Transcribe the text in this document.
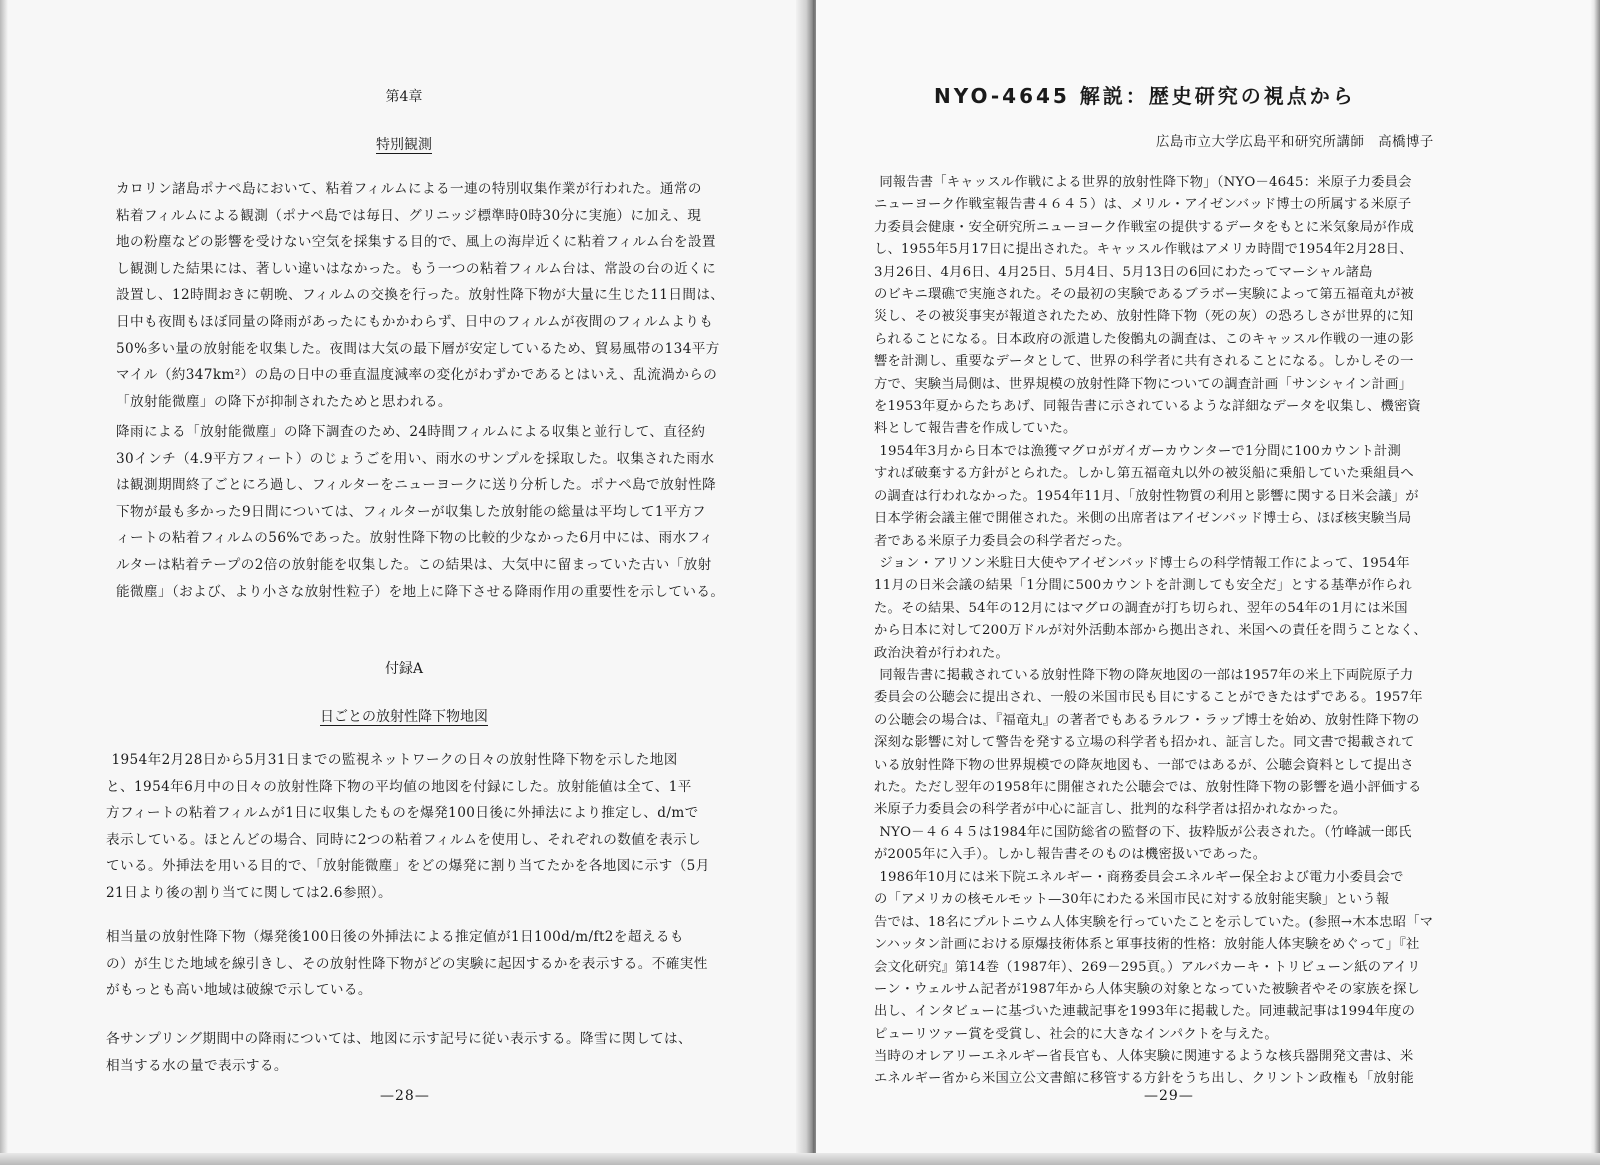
第4章
特別観測
カロリン諸島ポナペ島において、粘着フィルムによる一連の特別収集作業が行われた。通常の
粘着フィルムによる観測（ポナペ島では毎日、グリニッジ標準時0時30分に実施）に加え、現
地の粉塵などの影響を受けない空気を採集する目的で、風上の海岸近くに粘着フィルム台を設置
し観測した結果には、著しい違いはなかった。もう一つの粘着フィルム台は、常設の台の近くに
設置し、12時間おきに朝晩、フィルムの交換を行った。放射性降下物が大量に生じた11日間は、
日中も夜間もほぼ同量の降雨があったにもかかわらず、日中のフィルムが夜間のフィルムよりも
50%多い量の放射能を収集した。夜間は大気の最下層が安定しているため、貿易風帯の134平方
マイル（約347km²）の島の日中の垂直温度減率の変化がわずかであるとはいえ、乱流渦からの
「放射能微塵」の降下が抑制されたためと思われる。
降雨による「放射能微塵」の降下調査のため、24時間フィルムによる収集と並行して、直径約
30インチ（4.9平方フィート）のじょうごを用い、雨水のサンプルを採取した。収集された雨水
は観測期間終了ごとにろ過し、フィルターをニューヨークに送り分析した。ポナペ島で放射性降
下物が最も多かった9日間については、フィルターが収集した放射能の総量は平均して1平方フ
ィートの粘着フィルムの56%であった。放射性降下物の比較的少なかった6月中には、雨水フィ
ルターは粘着テープの2倍の放射能を収集した。この結果は、大気中に留まっていた古い「放射
能微塵」（および、より小さな放射性粒子）を地上に降下させる降雨作用の重要性を示している。
付録A
日ごとの放射性降下物地図
1954年2月28日から5月31日までの監視ネットワークの日々の放射性降下物を示した地図
と、1954年6月中の日々の放射性降下物の平均値の地図を付録にした。放射能値は全て、1平
方フィートの粘着フィルムが1日に収集したものを爆発100日後に外挿法により推定し、d/mで
表示している。ほとんどの場合、同時に2つの粘着フィルムを使用し、それぞれの数値を表示し
ている。外挿法を用いる目的で、「放射能微塵」をどの爆発に割り当てたかを各地図に示す（5月
21日より後の割り当てに関しては2.6参照）。
相当量の放射性降下物（爆発後100日後の外挿法による推定値が1日100d/m/ft2を超えるも
の）が生じた地域を線引きし、その放射性降下物がどの実験に起因するかを表示する。不確実性
がもっとも高い地域は破線で示している。
各サンプリング期間中の降雨については、地図に示す記号に従い表示する。降雪に関しては、
相当する水の量で表示する。
—28—
NYO-4645 解説：歴史研究の視点から
広島市立大学広島平和研究所講師　高橋博子
同報告書「キャッスル作戦による世界的放射性降下物」（NYO－4645：米原子力委員会
ニューヨーク作戦室報告書４６４５）は、メリル・アイゼンバッド博士の所属する米原子
力委員会健康・安全研究所ニューヨーク作戦室の提供するデータをもとに米気象局が作成
し、1955年5月17日に提出された。キャッスル作戦はアメリカ時間で1954年2月28日、
3月26日、4月6日、4月25日、5月4日、5月13日の6回にわたってマーシャル諸島
のビキニ環礁で実施された。その最初の実験であるブラボー実験によって第五福竜丸が被
災し、その被災事実が報道されたため、放射性降下物（死の灰）の恐ろしさが世界的に知
られることになる。日本政府の派遣した俊鶻丸の調査は、このキャッスル作戦の一連の影
響を計測し、重要なデータとして、世界の科学者に共有されることになる。しかしその一
方で、実験当局側は、世界規模の放射性降下物についての調査計画「サンシャイン計画」
を1953年夏からたちあげ、同報告書に示されているような詳細なデータを収集し、機密資
料として報告書を作成していた。
1954年3月から日本では漁獲マグロがガイガーカウンターで1分間に100カウント計測
すれば破棄する方針がとられた。しかし第五福竜丸以外の被災船に乗船していた乗組員へ
の調査は行われなかった。1954年11月、「放射性物質の利用と影響に関する日米会議」が
日本学術会議主催で開催された。米側の出席者はアイゼンバッド博士ら、ほぼ核実験当局
者である米原子力委員会の科学者だった。
ジョン・アリソン米駐日大使やアイゼンバッド博士らの科学情報工作によって、1954年
11月の日米会議の結果「1分間に500カウントを計測しても安全だ」とする基準が作られ
た。その結果、54年の12月にはマグロの調査が打ち切られ、翌年の54年の1月には米国
から日本に対して200万ドルが対外活動本部から拠出され、米国への責任を問うことなく、
政治決着が行われた。
同報告書に掲載されている放射性降下物の降灰地図の一部は1957年の米上下両院原子力
委員会の公聴会に提出され、一般の米国市民も目にすることができたはずである。1957年
の公聴会の場合は、『福竜丸』の著者でもあるラルフ・ラップ博士を始め、放射性降下物の
深刻な影響に対して警告を発する立場の科学者も招かれ、証言した。同文書で掲載されて
いる放射性降下物の世界規模での降灰地図も、一部ではあるが、公聴会資料として提出さ
れた。ただし翌年の1958年に開催された公聴会では、放射性降下物の影響を過小評価する
米原子力委員会の科学者が中心に証言し、批判的な科学者は招かれなかった。
NYO－４６４５は1984年に国防総省の監督の下、抜粋版が公表された。（竹峰誠一郎氏
が2005年に入手）。しかし報告書そのものは機密扱いであった。
1986年10月には米下院エネルギー・商務委員会エネルギー保全および電力小委員会で
の「アメリカの核モルモット—30年にわたる米国市民に対する放射能実験」という報
告では、18名にプルトニウム人体実験を行っていたことを示していた。(参照→木本忠昭「マ
ンハッタン計画における原爆技術体系と軍事技術的性格：放射能人体実験をめぐって」『社
会文化研究』第14巻（1987年）、269－295頁。）アルバカーキ・トリビューン紙のアイリ
ーン・ウェルサム記者が1987年から人体実験の対象となっていた被験者やその家族を探し
出し、インタビューに基づいた連載記事を1993年に掲載した。同連載記事は1994年度の
ピューリツァー賞を受賞し、社会的に大きなインパクトを与えた。
当時のオレアリーエネルギー省長官も、人体実験に関連するような核兵器開発文書は、米
エネルギー省から米国立公文書館に移管する方針をうち出し、クリントン政権も「放射能
—29—
